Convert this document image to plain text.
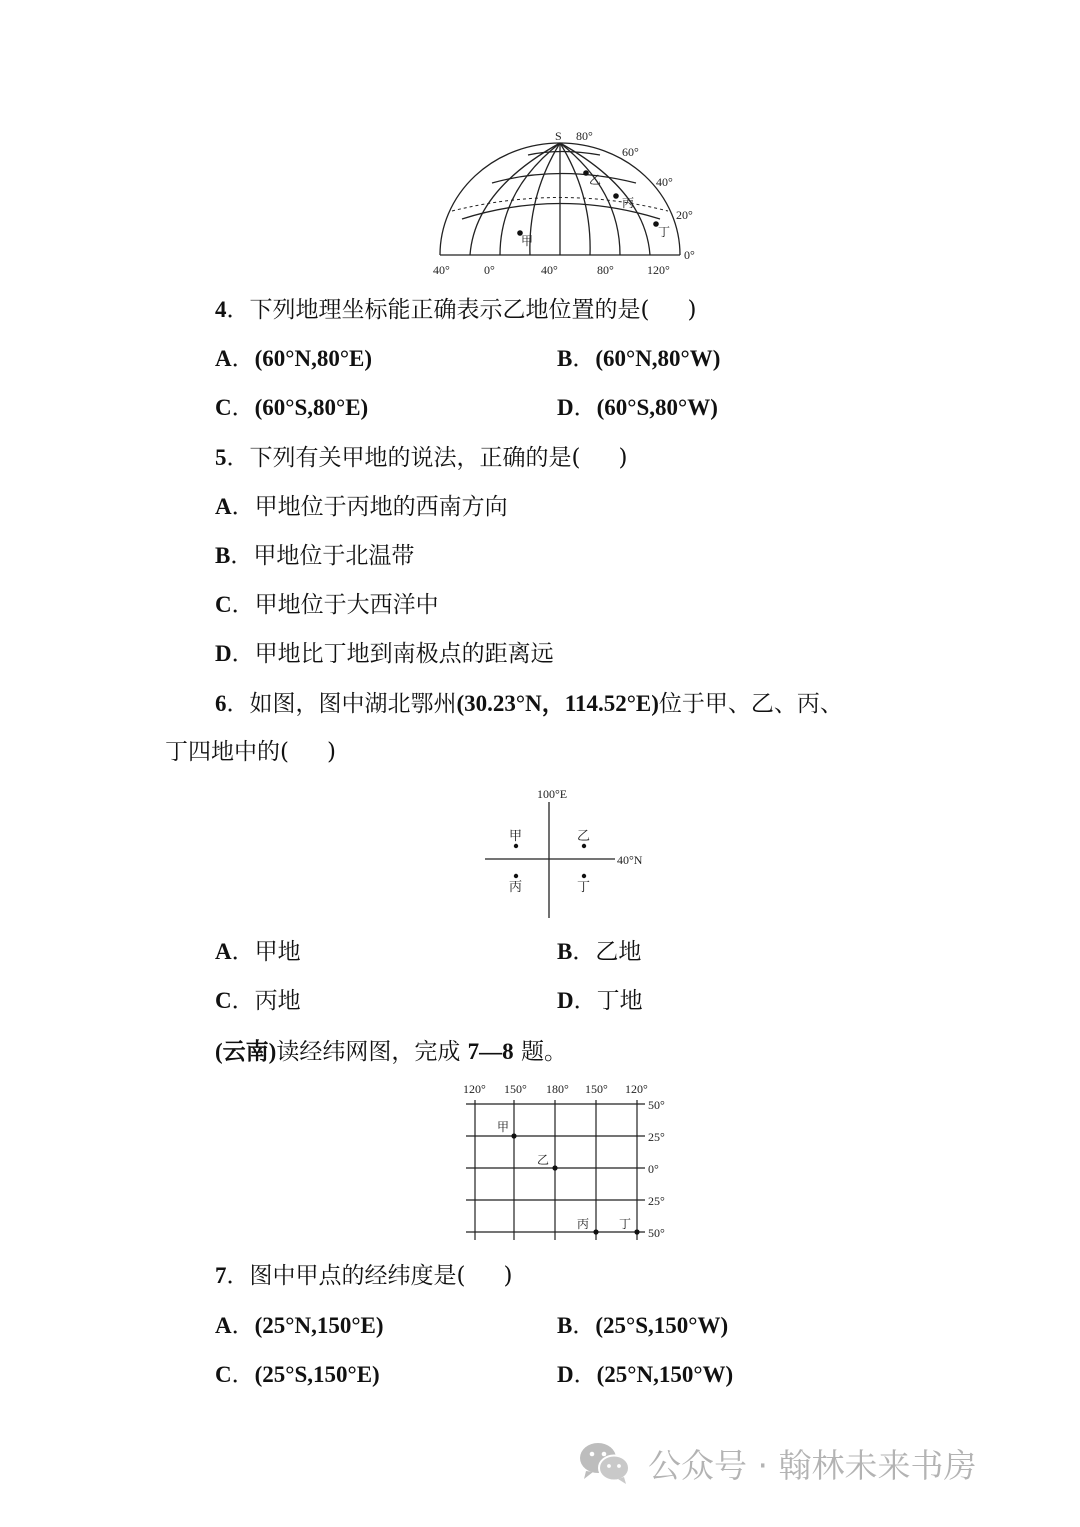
S 80°
60°
40°
20°
0°
40°	0°	40°	80°	120°
甲
乙
丙
丁
4．下列地理坐标能正确表示乙地位置的是( )
A．(60°N,80°E)	B．(60°N,80°W)
C．(60°S,80°E)	D．(60°S,80°W)
5．下列有关甲地的说法，正确的是( )
A．甲地位于丙地的西南方向
B．甲地位于北温带
C．甲地位于大西洋中
D．甲地比丁地到南极点的距离远
6．如图，图中湖北鄂州(30.23°N，114.52°E)位于甲、乙、丙、
丁四地中的( )
100°E
40°N
甲	乙
丙	丁
A．甲地	B．乙地
C．丙地	D．丁地
(云南)读经纬网图，完成 7—8 题。
120° 150° 180° 150° 120°
50°
25°
0°
25°
50°
甲
乙
丙 丁
7．图中甲点的经纬度是( )
A．(25°N,150°E)	B．(25°S,150°W)
C．(25°S,150°E)	D．(25°N,150°W)
公众号 · 翰林未来书房
